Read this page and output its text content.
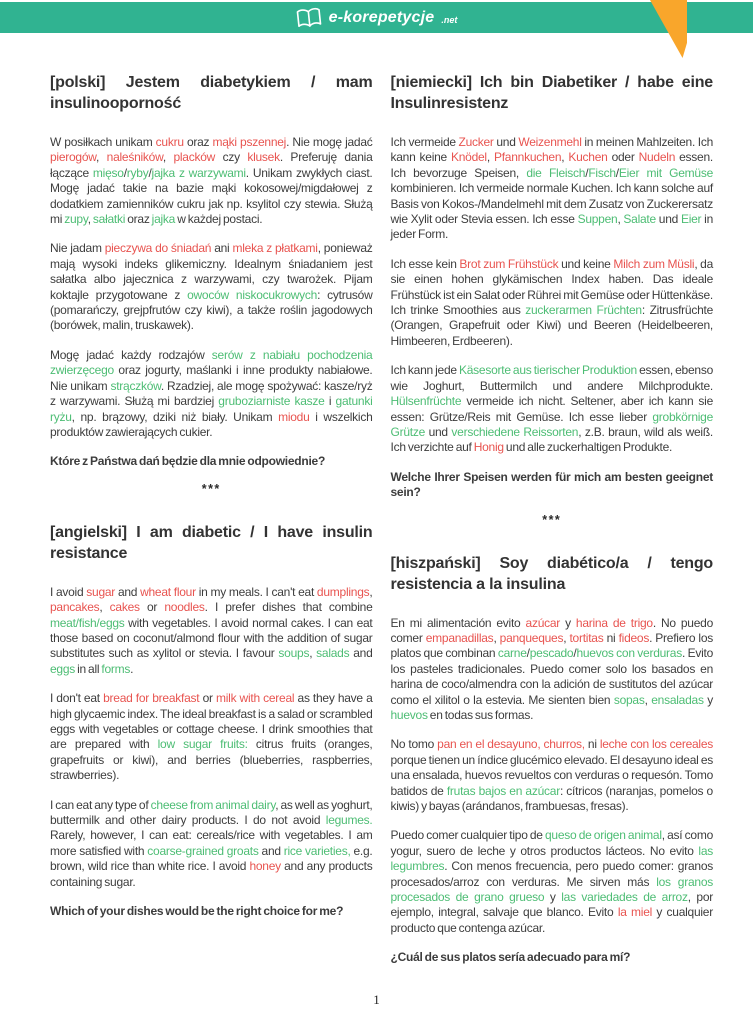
e-korepetycje .net
[polski] Jestem diabetykiem / mam insulinooporność

W posiłkach unikam cukru oraz mąki pszennej. Nie mogę jadać pierogów, naleśników, placków czy klusek. Preferuję dania łączące mięso/ryby/jajka z warzywami. Unikam zwykłych ciast. Mogę jadać takie na bazie mąki kokosowej/migdałowej z dodatkiem zamienników cukru jak np. ksylitol czy stewia. Służą mi zupy, sałatki oraz jajka w każdej postaci.

Nie jadam pieczywa do śniadań ani mleka z płatkami, ponieważ mają wysoki indeks glikemiczny. Idealnym śniadaniem jest sałatka albo jajecznica z warzywami, czy twarożek. Pijam koktajle przygotowane z owoców niskocukrowych: cytrusów (pomarańczy, grejpfrutów czy kiwi), a także roślin jagodowych (borówek, malin, truskawek).

Mogę jadać każdy rodzajów serów z nabiału pochodzenia zwierzęcego oraz jogurty, maślanki i inne produkty nabiałowe. Nie unikam strączków. Rzadziej, ale mogę spożywać: kasze/ryż z warzywami. Służą mi bardziej gruboziarniste kasze i gatunki ryżu, np. brązowy, dziki niż biały. Unikam miodu i wszelkich produktów zawierających cukier.

Które z Państwa dań będzie dla mnie odpowiednie?

***
[angielski] I am diabetic / I have insulin resistance

I avoid sugar and wheat flour in my meals. I can't eat dumplings, pancakes, cakes or noodles. I prefer dishes that combine meat/fish/eggs with vegetables. I avoid normal cakes. I can eat those based on coconut/almond flour with the addition of sugar substitutes such as xylitol or stevia. I favour soups, salads and eggs in all forms.

I don't eat bread for breakfast or milk with cereal as they have a high glycaemic index. The ideal breakfast is a salad or scrambled eggs with vegetables or cottage cheese. I drink smoothies that are prepared with low sugar fruits: citrus fruits (oranges, grapefruits or kiwi), and berries (blueberries, raspberries, strawberries).

I can eat any type of cheese from animal dairy, as well as yoghurt, buttermilk and other dairy products. I do not avoid legumes. Rarely, however, I can eat: cereals/rice with vegetables. I am more satisfied with coarse-grained groats and rice varieties, e.g. brown, wild rice than white rice. I avoid honey and any products containing sugar.

Which of your dishes would be the right choice for me?

[niemiecki] Ich bin Diabetiker / habe eine Insulinresistenz

Ich vermeide Zucker und Weizenmehl in meinen Mahlzeiten. Ich kann keine Knödel, Pfannkuchen, Kuchen oder Nudeln essen. Ich bevorzuge Speisen, die Fleisch/Fisch/Eier mit Gemüse kombinieren. Ich vermeide normale Kuchen. Ich kann solche auf Basis von Kokos-/Mandelmehl mit dem Zusatz von Zuckerersatz wie Xylit oder Stevia essen. Ich esse Suppen, Salate und Eier in jeder Form.

Ich esse kein Brot zum Frühstück und keine Milch zum Müsli, da sie einen hohen glykämischen Index haben. Das ideale Frühstück ist ein Salat oder Rührei mit Gemüse oder Hüttenkäse. Ich trinke Smoothies aus zuckerarmen Früchten: Zitrusfrüchte (Orangen, Grapefruit oder Kiwi) und Beeren (Heidelbeeren, Himbeeren, Erdbeeren).

Ich kann jede Käsesorte aus tierischer Produktion essen, ebenso wie Joghurt, Buttermilch und andere Milchprodukte. Hülsenfrüchte vermeide ich nicht. Seltener, aber ich kann sie essen: Grütze/Reis mit Gemüse. Ich esse lieber grobkörnige Grütze und verschiedene Reissorten, z.B. braun, wild als weiß. Ich verzichte auf Honig und alle zuckerhaltigen Produkte.

Welche Ihrer Speisen werden für mich am besten geeignet sein?

***
[hiszpański] Soy diabético/a / tengo resistencia a la insulina

En mi alimentación evito azúcar y harina de trigo. No puedo comer empanadillas, panqueques, tortitas ni fideos. Prefiero los platos que combinan carne/pescado/huevos con verduras. Evito los pasteles tradicionales. Puedo comer solo los basados en harina de coco/almendra con la adición de sustitutos del azúcar como el xilitol o la estevia. Me sienten bien sopas, ensaladas y huevos en todas sus formas.

No tomo pan en el desayuno, churros, ni leche con los cereales porque tienen un índice glucémico elevado. El desayuno ideal es una ensalada, huevos revueltos con verduras o requesón. Tomo batidos de frutas bajos en azúcar: cítricos (naranjas, pomelos o kiwis) y bayas (arándanos, frambuesas, fresas).

Puedo comer cualquier tipo de queso de origen animal, así como yogur, suero de leche y otros productos lácteos. No evito las legumbres. Con menos frecuencia, pero puedo comer: granos procesados/arroz con verduras. Me sirven más los granos procesados de grano grueso y las variedades de arroz, por ejemplo, integral, salvaje que blanco. Evito la miel y cualquier producto que contenga azúcar.

¿Cuál de sus platos sería adecuado para mí?

1
